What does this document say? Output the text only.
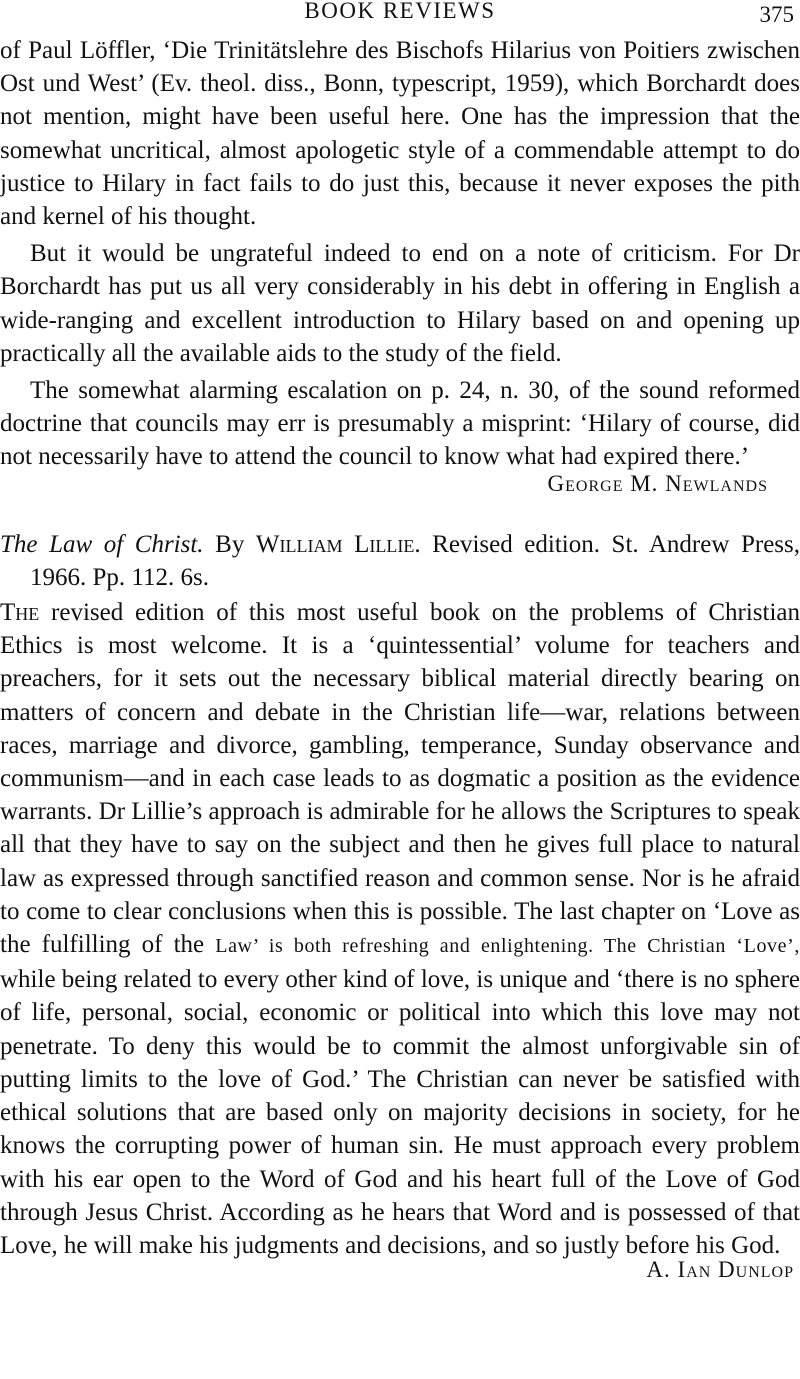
BOOK REVIEWS	375

of Paul Löffler, ‘Die Trinitätslehre des Bischofs Hilarius von Poitiers zwischen Ost und West’ (Ev. theol. diss., Bonn, typescript, 1959), which Borchardt does not mention, might have been useful here. One has the impression that the somewhat uncritical, almost apologetic style of a commendable attempt to do justice to Hilary in fact fails to do just this, because it never exposes the pith and kernel of his thought.

But it would be ungrateful indeed to end on a note of criticism. For Dr Borchardt has put us all very considerably in his debt in offering in English a wide-ranging and excellent introduction to Hilary based on and opening up practically all the available aids to the study of the field.

The somewhat alarming escalation on p. 24, n. 30, of the sound reformed doctrine that councils may err is presumably a misprint: ‘Hilary of course, did not necessarily have to attend the council to know what had expired there.’

George M. Newlands

The Law of Christ. By William Lillie. Revised edition. St. Andrew Press, 1966. Pp. 112. 6s.

The revised edition of this most useful book on the problems of Christian Ethics is most welcome. It is a ‘quintessential’ volume for teachers and preachers, for it sets out the necessary biblical material directly bearing on matters of concern and debate in the Christian life—war, relations between races, marriage and divorce, gambling, temperance, Sunday observance and communism—and in each case leads to as dogmatic a position as the evidence warrants. Dr Lillie’s approach is admirable for he allows the Scriptures to speak all that they have to say on the subject and then he gives full place to natural law as expressed through sanctified reason and common sense. Nor is he afraid to come to clear conclusions when this is possible. The last chapter on ‘Love as the fulfilling of the Law’ is both refreshing and enlightening. The Christian ‘Love’, while being related to every other kind of love, is unique and ‘there is no sphere of life, personal, social, economic or political into which this love may not penetrate. To deny this would be to commit the almost unforgivable sin of putting limits to the love of God.’ The Christian can never be satisfied with ethical solutions that are based only on majority decisions in society, for he knows the corrupting power of human sin. He must approach every problem with his ear open to the Word of God and his heart full of the Love of God through Jesus Christ. According as he hears that Word and is possessed of that Love, he will make his judgments and decisions, and so justly before his God.

A. Ian Dunlop
